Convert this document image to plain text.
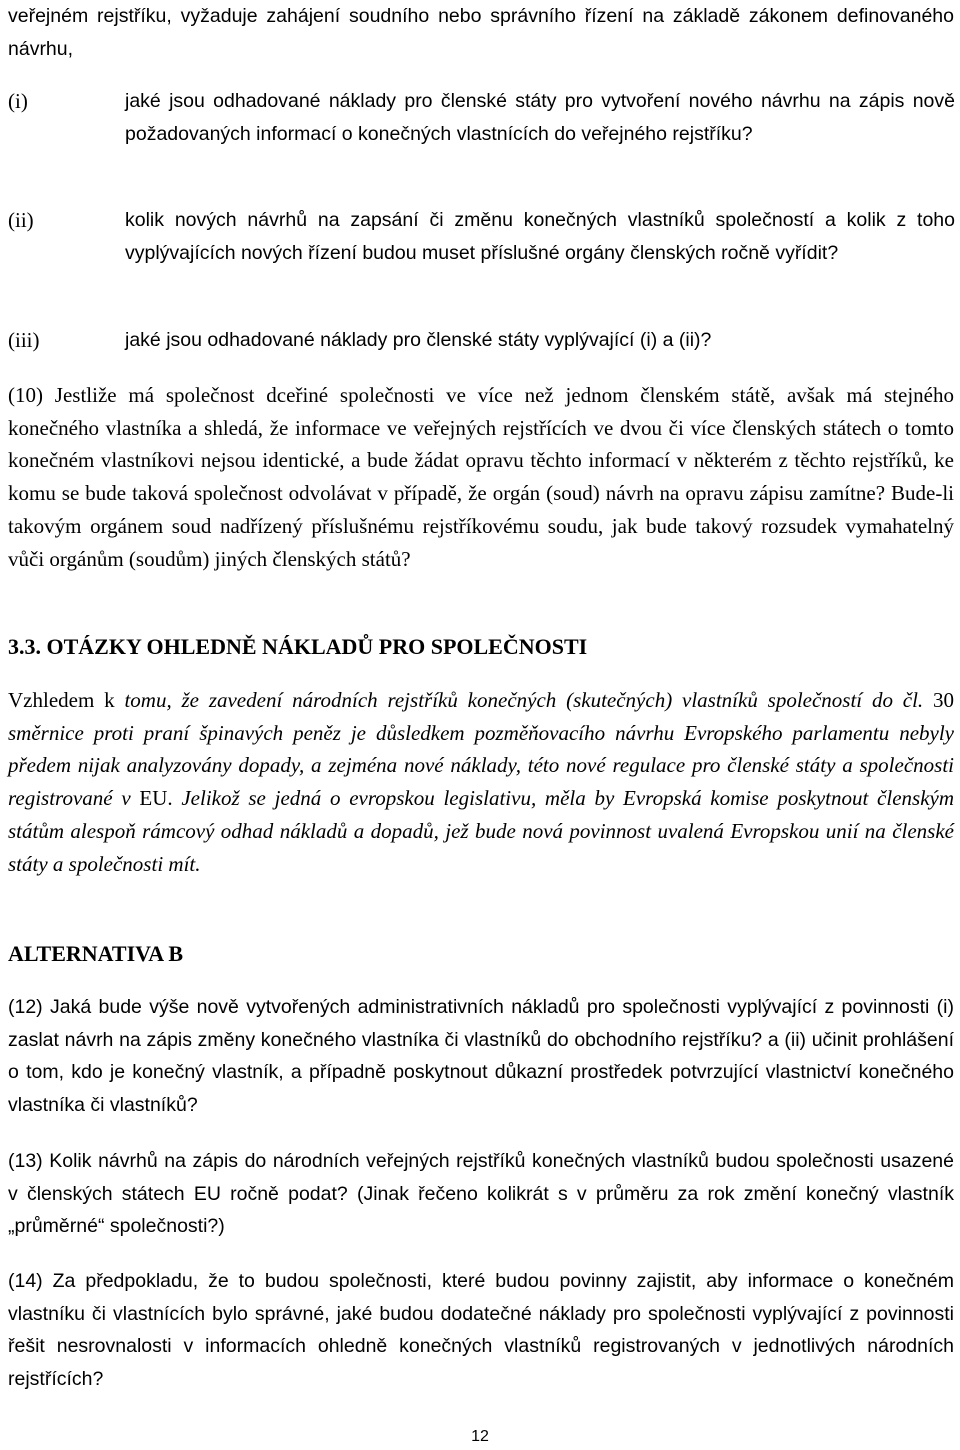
veřejném rejstříku, vyžaduje zahájení soudního nebo správního řízení na základě zákonem definovaného návrhu,

(i)	jaké jsou odhadované náklady pro členské státy pro vytvoření nového návrhu na zápis nově požadovaných informací o konečných vlastnících do veřejného rejstříku?

(ii)	kolik nových návrhů na zapsání či změnu konečných vlastníků společností a kolik z toho vyplývajících nových řízení budou muset příslušné orgány členských ročně vyřídit?

(iii)	jaké jsou odhadované náklady pro členské státy vyplývající (i) a (ii)?

(10) Jestliže má společnost dceřiné společnosti ve více než jednom členském státě, avšak má stejného konečného vlastníka a shledá, že informace ve veřejných rejstřících ve dvou či více členských státech o tomto konečném vlastníkovi nejsou identické, a bude žádat opravu těchto informací v některém z těchto rejstříků, ke komu se bude taková společnost odvolávat v případě, že orgán (soud) návrh na opravu zápisu zamítne? Bude-li takovým orgánem soud nadřízený příslušnému rejstříkovému soudu, jak bude takový rozsudek vymahatelný vůči orgánům (soudům) jiných členských států?

3.3. OTÁZKY OHLEDNĚ NÁKLADŮ PRO SPOLEČNOSTI

Vzhledem k tomu, že zavedení národních rejstříků konečných (skutečných) vlastníků společností do čl. 30 směrnice proti praní špinavých peněz je důsledkem pozměňovacího návrhu Evropského parlamentu nebyly předem nijak analyzovány dopady, a zejména nové náklady, této nové regulace pro členské státy a společnosti registrované v EU. Jelikož se jedná o evropskou legislativu, měla by Evropská komise poskytnout členským státům alespoň rámcový odhad nákladů a dopadů, jež bude nová povinnost uvalená Evropskou unií na členské státy a společnosti mít.

ALTERNATIVA B

(12) Jaká bude výše nově vytvořených administrativních nákladů pro společnosti vyplývající z povinnosti (i) zaslat návrh na zápis změny konečného vlastníka či vlastníků do obchodního rejstříku? a (ii) učinit prohlášení o tom, kdo je konečný vlastník, a případně poskytnout důkazní prostředek potvrzující vlastnictví konečného vlastníka či vlastníků?

(13) Kolik návrhů na zápis do národních veřejných rejstříků konečných vlastníků budou společnosti usazené v členských státech EU ročně podat? (Jinak řečeno kolikrát s v průměru za rok změní konečný vlastník „průměrné“ společnosti?)

(14) Za předpokladu, že to budou společnosti, které budou povinny zajistit, aby informace o konečném vlastníku či vlastnících bylo správné, jaké budou dodatečné náklady pro společnosti vyplývající z povinnosti řešit nesrovnalosti v informacích ohledně konečných vlastníků registrovaných v jednotlivých národních rejstřících?

12
